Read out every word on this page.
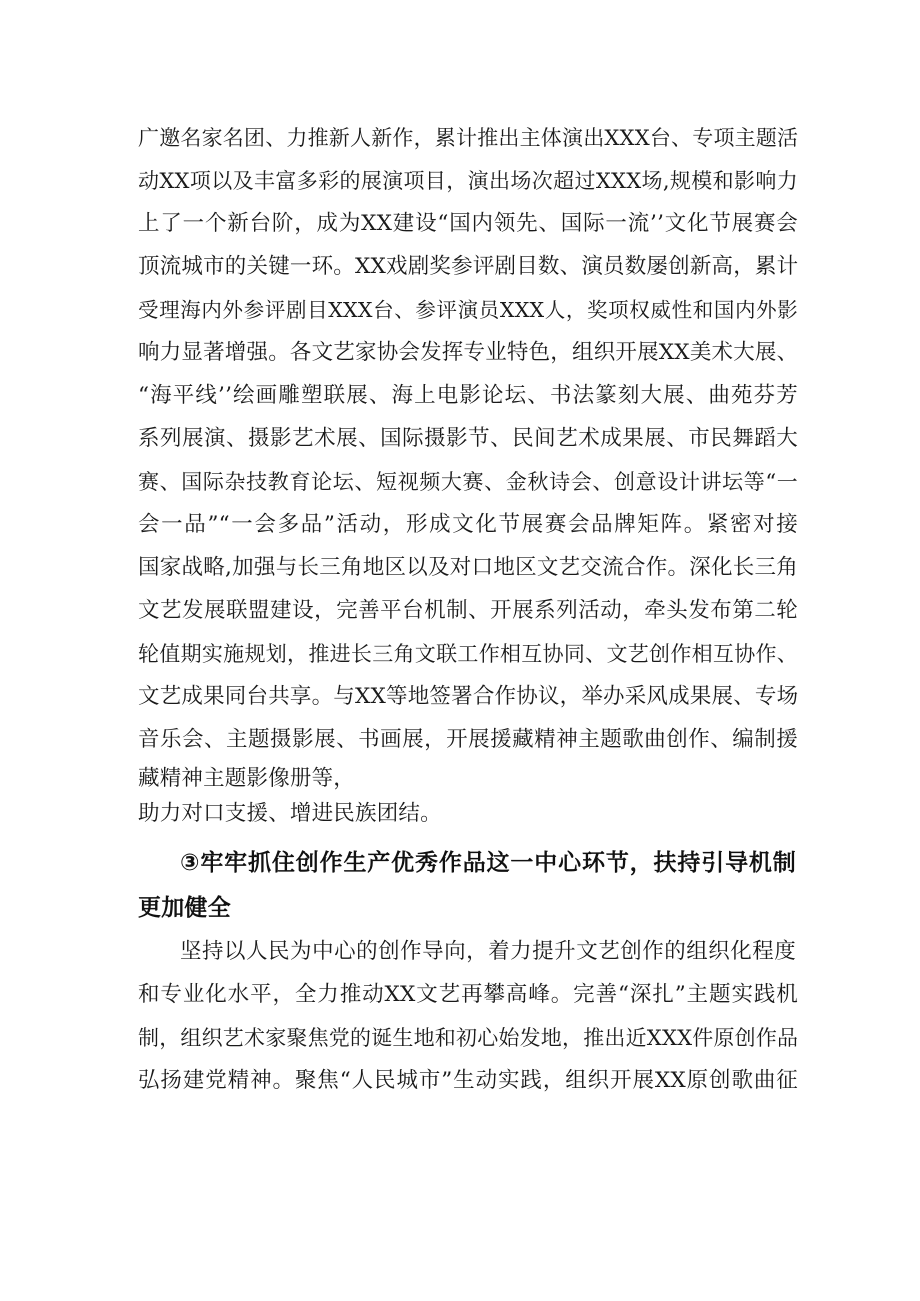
广邀名家名团、力推新人新作，累计推出主体演出XXX台、专项主题活
动XX项以及丰富多彩的展演项目，演出场次超过XXX场,规模和影响力
上了一个新台阶，成为XX建设“国内领先、国际一流’’文化节展赛会
顶流城市的关键一环。XX戏剧奖参评剧目数、演员数屡创新高，累计
受理海内外参评剧目XXX台、参评演员XXX人，奖项权威性和国内外影
响力显著增强。各文艺家协会发挥专业特色，组织开展XX美术大展、
“海平线’’绘画雕塑联展、海上电影论坛、书法篆刻大展、曲苑芬芳
系列展演、摄影艺术展、国际摄影节、民间艺术成果展、市民舞蹈大
赛、国际杂技教育论坛、短视频大赛、金秋诗会、创意设计讲坛等“一
会一品”“一会多品”活动，形成文化节展赛会品牌矩阵。紧密对接
国家战略,加强与长三角地区以及对口地区文艺交流合作。深化长三角
文艺发展联盟建设，完善平台机制、开展系列活动，牵头发布第二轮
轮值期实施规划，推进长三角文联工作相互协同、文艺创作相互协作、
文艺成果同台共享。与XX等地签署合作协议，举办采风成果展、专场
音乐会、主题摄影展、书画展，开展援藏精神主题歌曲创作、编制援
藏精神主题影像册等，
助力对口支援、增进民族团结。
③牢牢抓住创作生产优秀作品这一中心环节，扶持引导机制
更加健全
坚持以人民为中心的创作导向，着力提升文艺创作的组织化程度
和专业化水平，全力推动XX文艺再攀高峰。完善“深扎”主题实践机
制，组织艺术家聚焦党的诞生地和初心始发地，推出近XXX件原创作品
弘扬建党精神。聚焦“人民城市”生动实践，组织开展XX原创歌曲征
